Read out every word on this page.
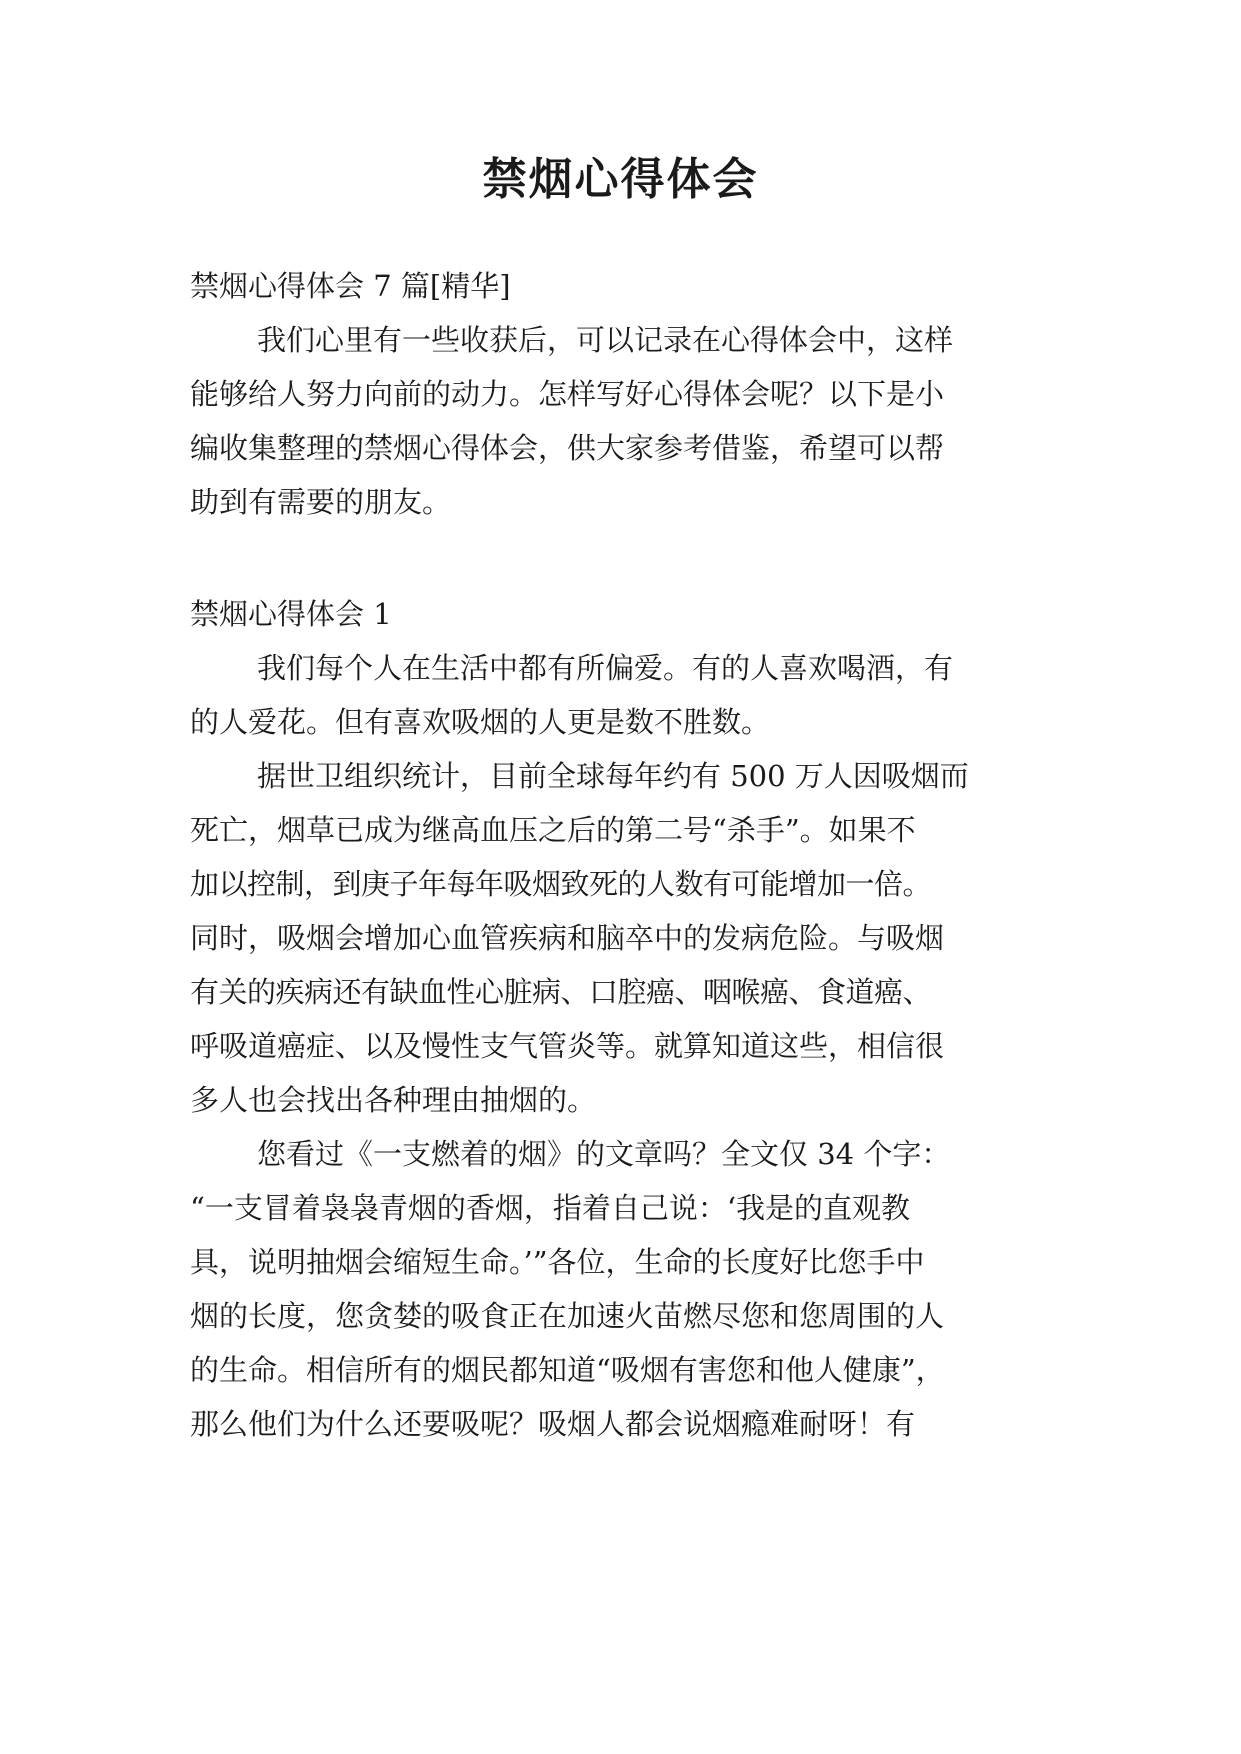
禁烟心得体会

禁烟心得体会 7 篇[精华]

我们心里有一些收获后，可以记录在心得体会中，这样

能够给人努力向前的动力。怎样写好心得体会呢？以下是小

编收集整理的禁烟心得体会，供大家参考借鉴，希望可以帮

助到有需要的朋友。

禁烟心得体会 1

我们每个人在生活中都有所偏爱。有的人喜欢喝酒，有

的人爱花。但有喜欢吸烟的人更是数不胜数。

据世卫组织统计，目前全球每年约有 500 万人因吸烟而

死亡，烟草已成为继高血压之后的第二号“杀手”。如果不

加以控制，到庚子年每年吸烟致死的人数有可能增加一倍。

同时，吸烟会增加心血管疾病和脑卒中的发病危险。与吸烟

有关的疾病还有缺血性心脏病、口腔癌、咽喉癌、食道癌、

呼吸道癌症、以及慢性支气管炎等。就算知道这些，相信很

多人也会找出各种理由抽烟的。

您看过《一支燃着的烟》的文章吗？全文仅 34 个字：

“一支冒着袅袅青烟的香烟，指着自己说：‘我是的直观教

具，说明抽烟会缩短生命。’”各位，生命的长度好比您手中

烟的长度，您贪婪的吸食正在加速火苗燃尽您和您周围的人

的生命。相信所有的烟民都知道“吸烟有害您和他人健康”，

那么他们为什么还要吸呢？吸烟人都会说烟瘾难耐呀！有
